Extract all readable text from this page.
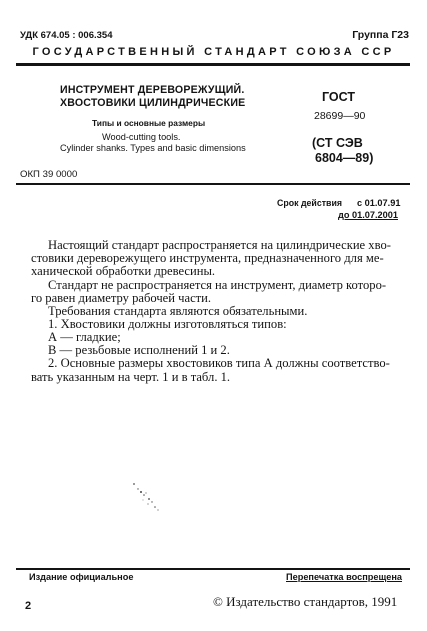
УДК 674.05 : 006.354	Группа Г23
ГОСУДАРСТВЕННЫЙ СТАНДАРТ СОЮЗА ССР
ИНСТРУМЕНТ ДЕРЕВОРЕЖУЩИЙ.
ХВОСТОВИКИ ЦИЛИНДРИЧЕСКИЕ
Типы и основные размеры
Wood-cutting tools.
Cylinder shanks. Types and basic dimensions
ГОСТ
28699—90
(СТ СЭВ
6804—89)
ОКП 39 0000
Срок действия с 01.07.91
до 01.07.2001
Настоящий стандарт распространяется на цилиндрические хво-
стовики дереворежущего инструмента, предназначенного для ме-
ханической обработки древесины.
Стандарт не распространяется на инструмент, диаметр которо-
го равен диаметру рабочей части.
Требования стандарта являются обязательными.
1. Хвостовики должны изготовляться типов:
А — гладкие;
В — резьбовые исполнений 1 и 2.
2. Основные размеры хвостовиков типа А должны соответство-
вать указанным на черт. 1 и в табл. 1.
Издание официальное	Перепечатка воспрещена
2	© Издательство стандартов, 1991
